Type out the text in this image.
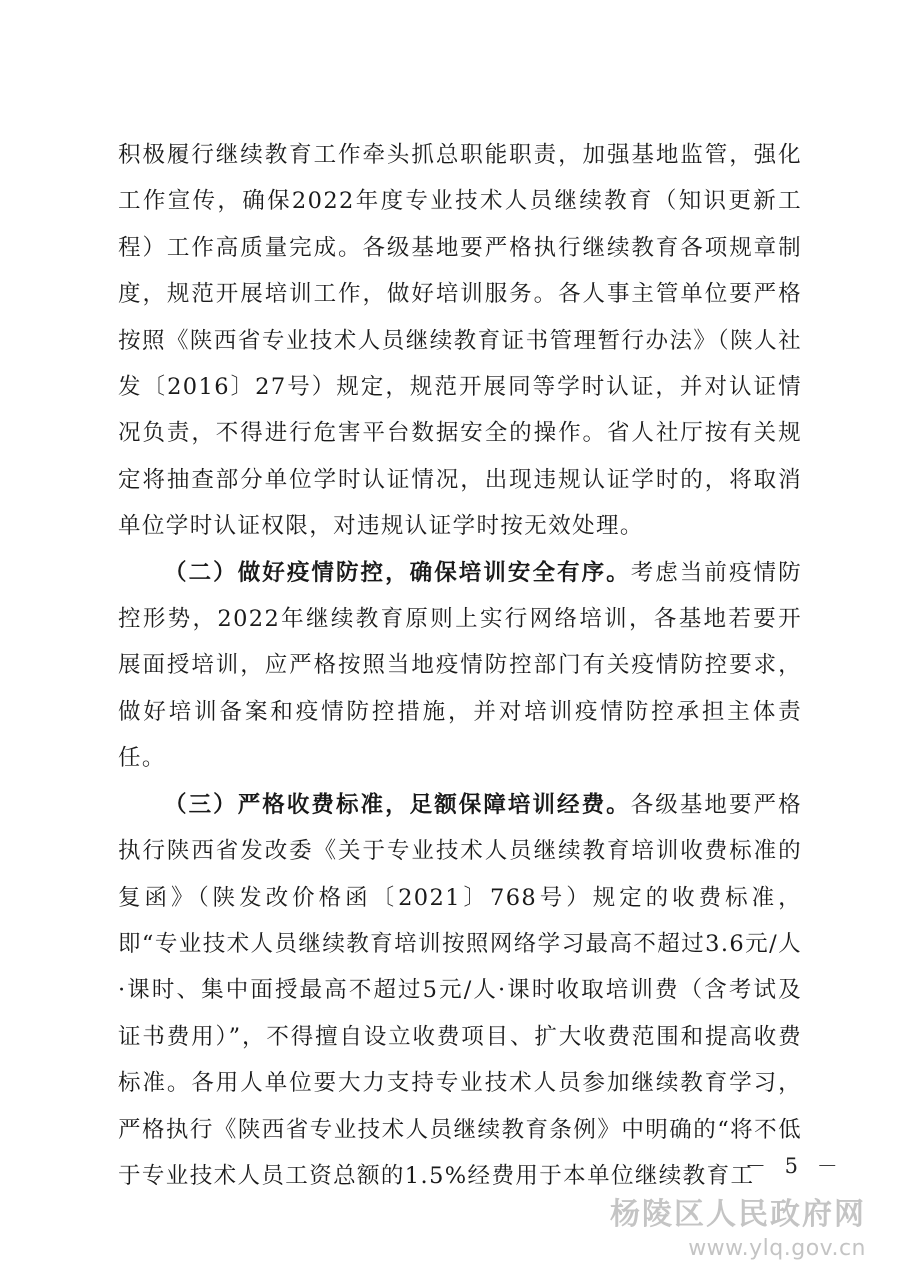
积极履行继续教育工作牵头抓总职能职责，加强基地监管，强化工作宣传，确保2022年度专业技术人员继续教育（知识更新工程）工作高质量完成。各级基地要严格执行继续教育各项规章制度，规范开展培训工作，做好培训服务。各人事主管单位要严格按照《陕西省专业技术人员继续教育证书管理暂行办法》（陕人社发〔2016〕27号）规定，规范开展同等学时认证，并对认证情况负责，不得进行危害平台数据安全的操作。省人社厅按有关规定将抽查部分单位学时认证情况，出现违规认证学时的，将取消单位学时认证权限，对违规认证学时按无效处理。

（二）做好疫情防控，确保培训安全有序。考虑当前疫情防控形势，2022年继续教育原则上实行网络培训，各基地若要开展面授培训，应严格按照当地疫情防控部门有关疫情防控要求，做好培训备案和疫情防控措施，并对培训疫情防控承担主体责任。

（三）严格收费标准，足额保障培训经费。各级基地要严格执行陕西省发改委《关于专业技术人员继续教育培训收费标准的复函》（陕发改价格函〔2021〕768号）规定的收费标准，即“专业技术人员继续教育培训按照网络学习最高不超过3.6元/人·课时、集中面授最高不超过5元/人·课时收取培训费（含考试及证书费用）”，不得擅自设立收费项目、扩大收费范围和提高收费标准。各用人单位要大力支持专业技术人员参加继续教育学习，严格执行《陕西省专业技术人员继续教育条例》中明确的“将不低于专业技术人员工资总额的1.5%经费用于本单位继续教育工

－ 5 －
杨陵区人民政府网
www.ylq.gov.cn
